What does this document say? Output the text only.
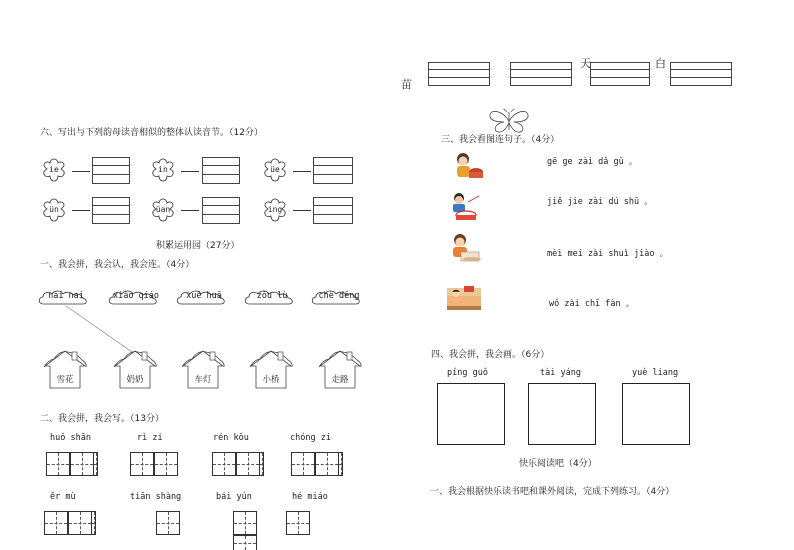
苗
天	白
六、写出与下列韵母读音相似的整体认读音节。（12分）
ie	in	üe
ün	üan	ing
积累运用园（27分）
一、我会拼，我会认，我会连。（4分）
nāi nai	xiǎo qiáo	xuě huā	zǒu lù	chē dēng
雪花	奶奶	车灯	小桥	走路
二、我会拼，我会写。（13分）
huǒ shān	rì zi	rén kǒu	chóng zi
ěr mù	tiān shàng	bái yún	hé miáo
三、我会看图连句子。（4分）
gē ge zài dǎ gǔ 。
jiě jie zài dú shū 。
mèi mei zài shuì jiào 。
wǒ zài chī fàn 。
四、我会拼，我会画。（6分）
píng guǒ	tài yáng	yuè liang
快乐阅读吧（4分）
一、我会根据快乐读书吧和课外阅读，完成下列练习。（4分）
